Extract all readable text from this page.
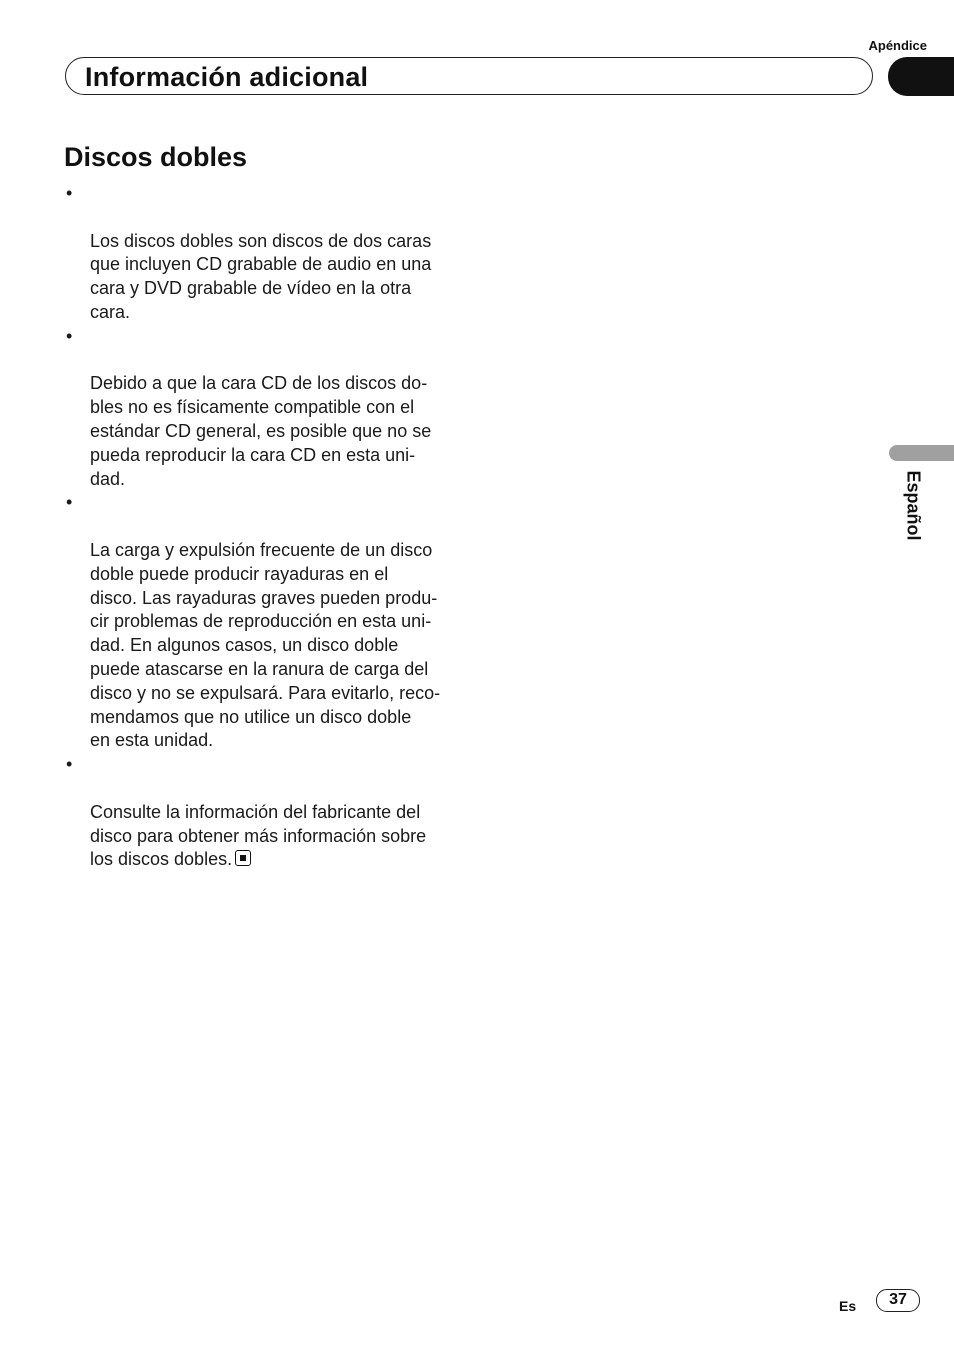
Apéndice
Información adicional
Discos dobles

•

Los discos dobles son discos de dos caras
que incluyen CD grabable de audio en una
cara y DVD grabable de vídeo en la otra
cara.

•

Debido a que la cara CD de los discos do-
bles no es físicamente compatible con el
estándar CD general, es posible que no se
pueda reproducir la cara CD en esta uni-
dad.

•

La carga y expulsión frecuente de un disco
doble puede producir rayaduras en el
disco. Las rayaduras graves pueden produ-
cir problemas de reproducción en esta uni-
dad. En algunos casos, un disco doble
puede atascarse en la ranura de carga del
disco y no se expulsará. Para evitarlo, reco-
mendamos que no utilice un disco doble
en esta unidad.

•

Consulte la información del fabricante del
disco para obtener más información sobre
los discos dobles.

Español
Es	37
